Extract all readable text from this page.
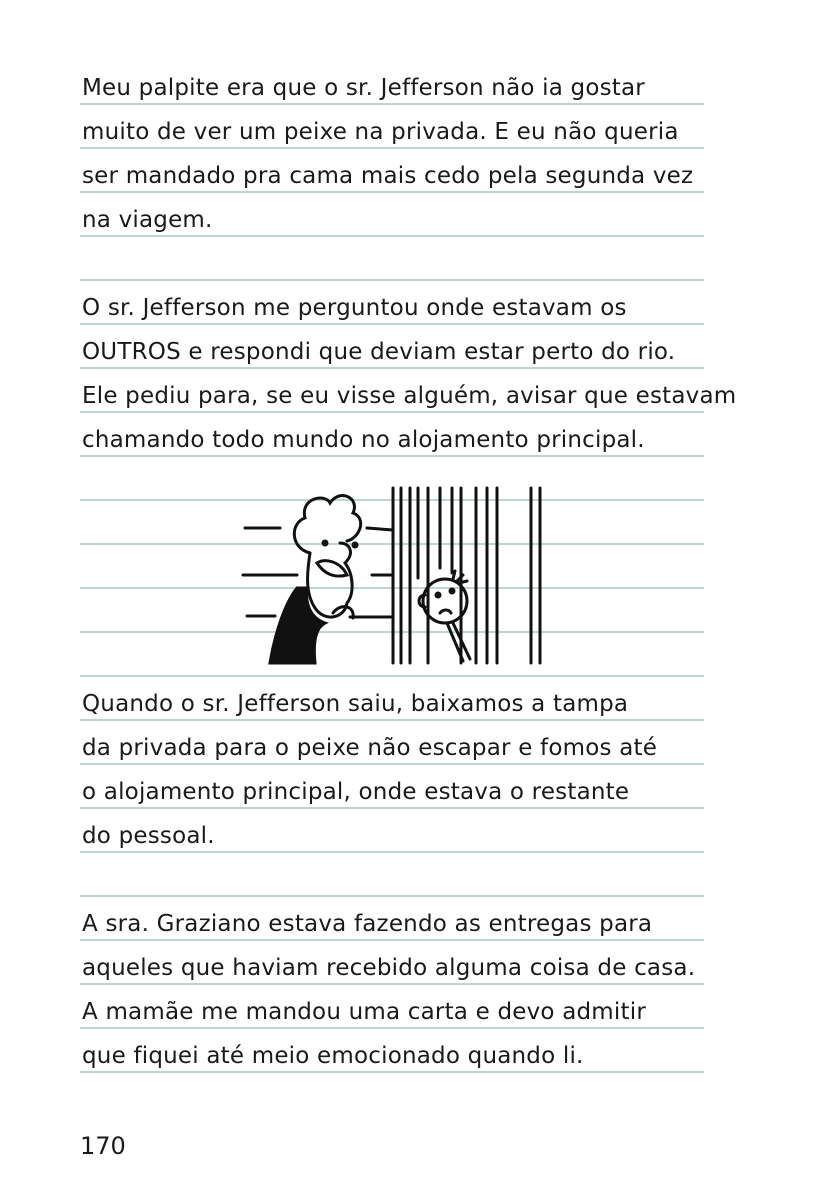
Meu palpite era que o sr. Jefferson não ia gostar
muito de ver um peixe na privada. E eu não queria
ser mandado pra cama mais cedo pela segunda vez
na viagem.
O sr. Jefferson me perguntou onde estavam os
OUTROS e respondi que deviam estar perto do rio.
Ele pediu para, se eu visse alguém, avisar que estavam
chamando todo mundo no alojamento principal.
Quando o sr. Jefferson saiu, baixamos a tampa
da privada para o peixe não escapar e fomos até
o alojamento principal, onde estava o restante
do pessoal.
A sra. Graziano estava fazendo as entregas para
aqueles que haviam recebido alguma coisa de casa.
A mamãe me mandou uma carta e devo admitir
que fiquei até meio emocionado quando li.
170
